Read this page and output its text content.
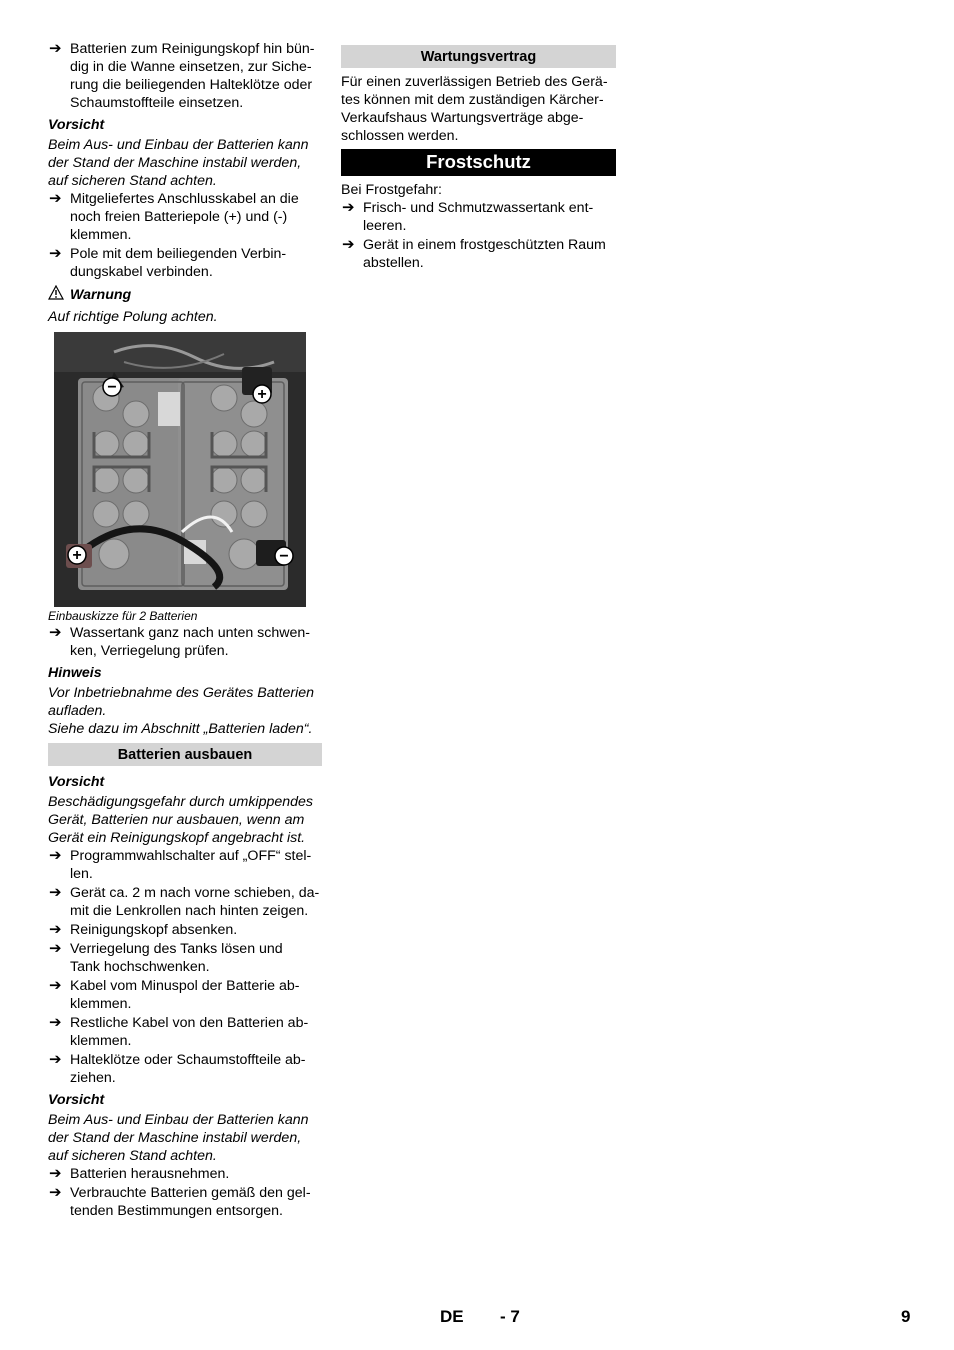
➔ Batterien zum Reinigungskopf hin bün-
dig in die Wanne einsetzen, zur Siche-
rung die beiliegenden Halteklötze oder
Schaumstoffteile einsetzen.
Vorsicht

Beim Aus- und Einbau der Batterien kann
der Stand der Maschine instabil werden,
auf sicheren Stand achten.

➔ Mitgeliefertes Anschlusskabel an die
noch freien Batteriepole (+) und (-)
klemmen.
➔ Pole mit dem beiliegenden Verbin-
dungskabel verbinden.
Warnung

Auf richtige Polung achten.

−	+
+	−
Einbauskizze für 2 Batterien
➔ Wassertank ganz nach unten schwen-
ken, Verriegelung prüfen.
Hinweis

Vor Inbetriebnahme des Gerätes Batterien
aufladen.

Siehe dazu im Abschnitt „Batterien laden“.

Batterien ausbauen
Vorsicht

Beschädigungsgefahr durch umkippendes
Gerät, Batterien nur ausbauen, wenn am
Gerät ein Reinigungskopf angebracht ist.

➔ Programmwahlschalter auf „OFF“ stel-
len.
➔ Gerät ca. 2 m nach vorne schieben, da-
mit die Lenkrollen nach hinten zeigen.
➔ Reinigungskopf absenken.
➔ Verriegelung des Tanks lösen und
Tank hochschwenken.
➔ Kabel vom Minuspol der Batterie ab-
klemmen.
➔ Restliche Kabel von den Batterien ab-
klemmen.
➔ Halteklötze oder Schaumstoffteile ab-
ziehen.
Vorsicht

Beim Aus- und Einbau der Batterien kann
der Stand der Maschine instabil werden,
auf sicheren Stand achten.

➔ Batterien herausnehmen.
➔ Verbrauchte Batterien gemäß den gel-
tenden Bestimmungen entsorgen.
Wartungsvertrag

Für einen zuverlässigen Betrieb des Gerä-
tes können mit dem zuständigen Kärcher-
Verkaufshaus Wartungsverträge abge-
schlossen werden.

Frostschutz

Bei Frostgefahr:

➔ Frisch- und Schmutzwassertank ent-
leeren.
➔ Gerät in einem frostgeschützten Raum
abstellen.
DE - 7	9
